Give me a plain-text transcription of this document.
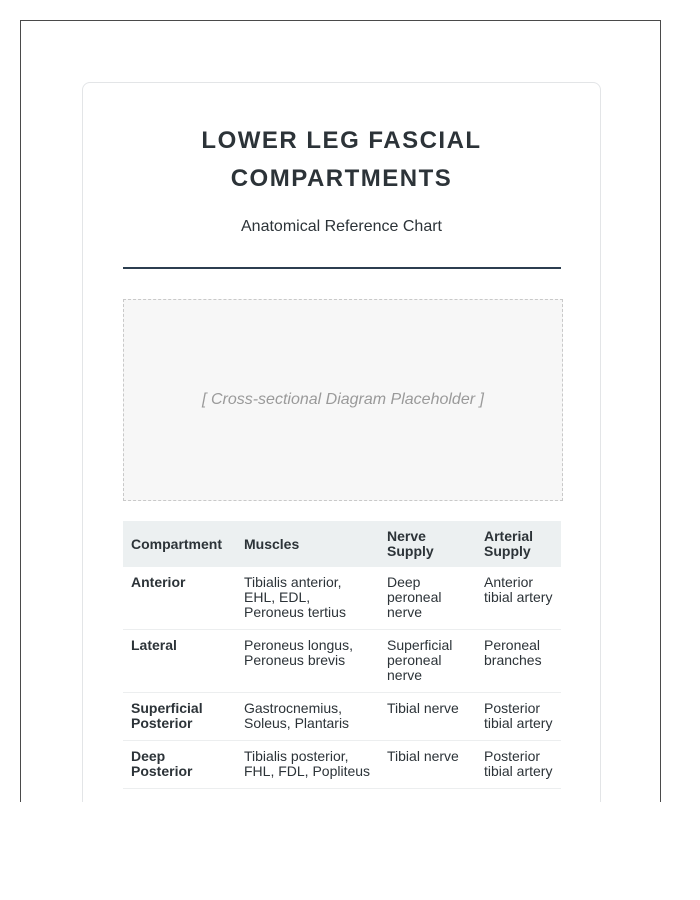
LOWER LEG FASCIAL
COMPARTMENTS

Anatomical Reference Chart

[ Cross-sectional Diagram Placeholder ]
Compartment	Muscles	Nerve Supply	Arterial Supply
Anterior	Tibialis anterior, EHL, EDL, Peroneus tertius	Deep peroneal nerve	Anterior tibial artery
Lateral	Peroneus longus, Peroneus brevis	Superficial peroneal nerve	Peroneal branches
Superficial Posterior	Gastrocnemius, Soleus, Plantaris	Tibial nerve	Posterior tibial artery
Deep Posterior	Tibialis posterior, FHL, FDL, Popliteus	Tibial nerve	Posterior tibial artery
